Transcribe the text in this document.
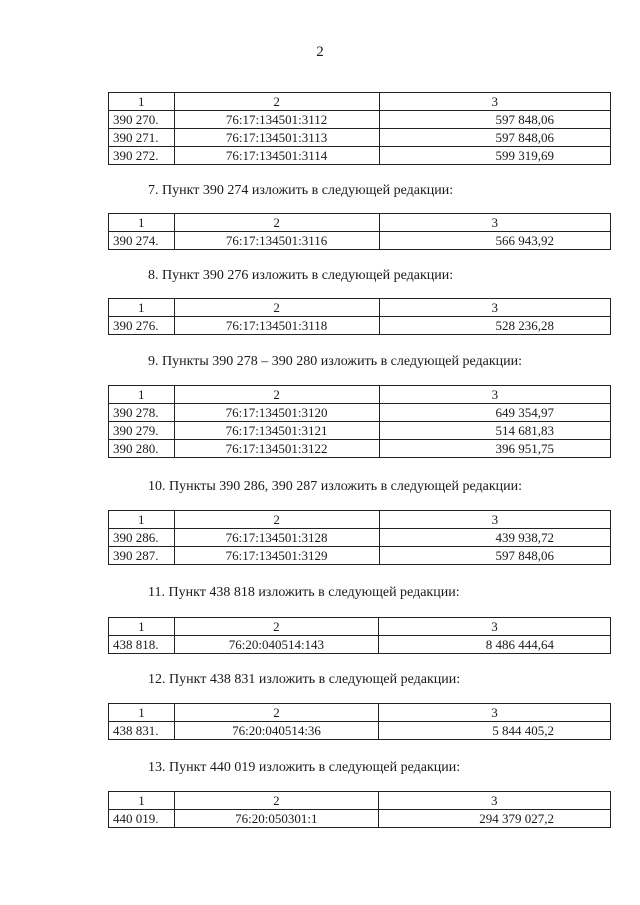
2
1	2	3
390 270.	76:17:134501:3112	597 848,06
390 271.	76:17:134501:3113	597 848,06
390 272.	76:17:134501:3114	599 319,69
7. Пункт 390 274 изложить в следующей редакции:
1	2	3
390 274.	76:17:134501:3116	566 943,92
8. Пункт 390 276 изложить в следующей редакции:
1	2	3
390 276.	76:17:134501:3118	528 236,28
9. Пункты 390 278 – 390 280 изложить в следующей редакции:
1	2	3
390 278.	76:17:134501:3120	649 354,97
390 279.	76:17:134501:3121	514 681,83
390 280.	76:17:134501:3122	396 951,75
10. Пункты 390 286, 390 287 изложить в следующей редакции:
1	2	3
390 286.	76:17:134501:3128	439 938,72
390 287.	76:17:134501:3129	597 848,06
11. Пункт 438 818 изложить в следующей редакции:
1	2	3
438 818.	76:20:040514:143	8 486 444,64
12. Пункт 438 831 изложить в следующей редакции:
1	2	3
438 831.	76:20:040514:36	5 844 405,2
13. Пункт 440 019 изложить в следующей редакции:
1	2	3
440 019.	76:20:050301:1	294 379 027,2
